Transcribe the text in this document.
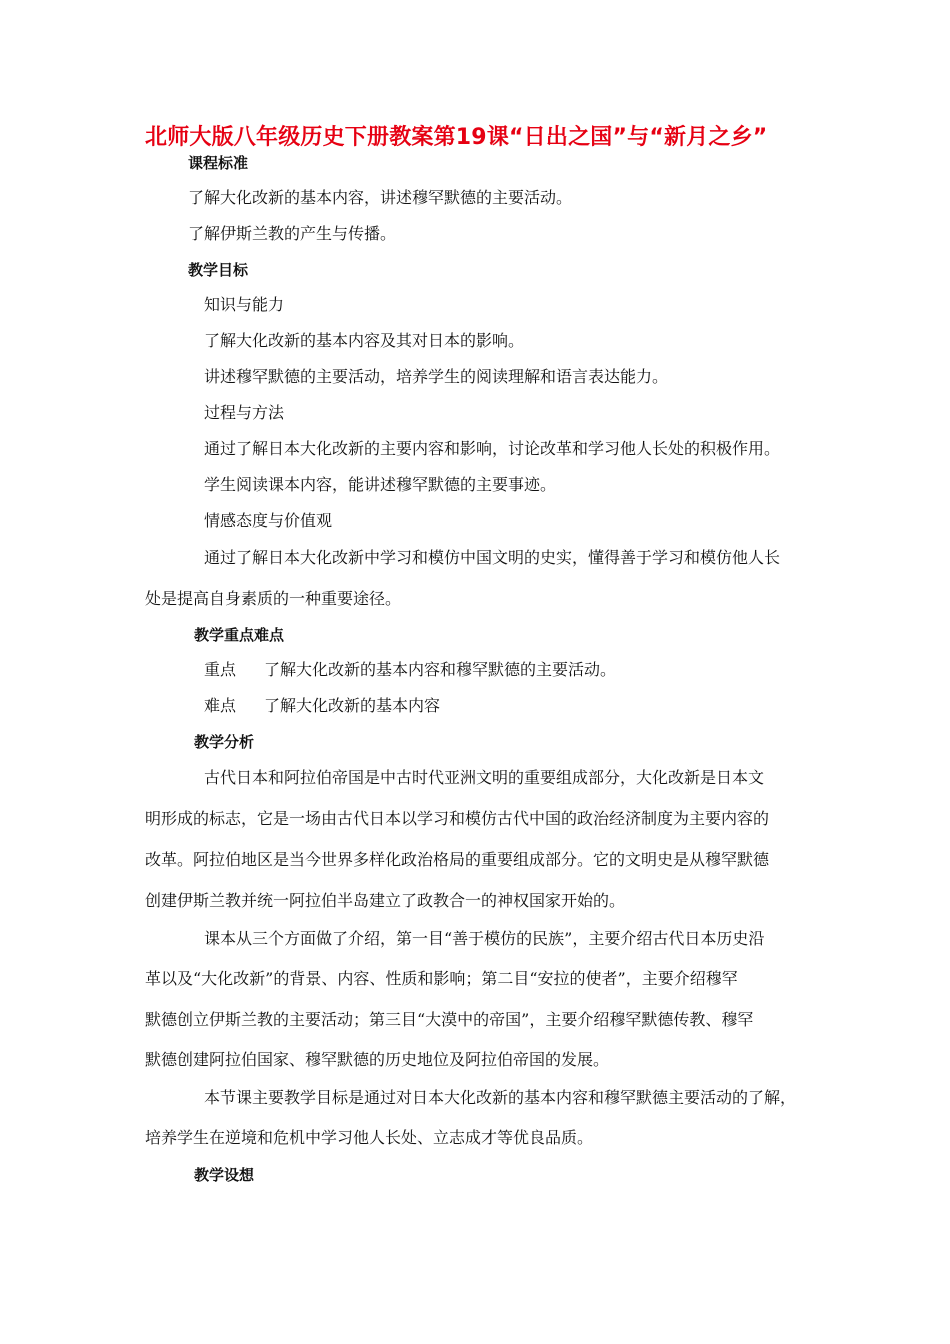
北师大版八年级历史下册教案第19课“日出之国”与“新月之乡”
课程标准
了解大化改新的基本内容，讲述穆罕默德的主要活动。
了解伊斯兰教的产生与传播。
教学目标
知识与能力
了解大化改新的基本内容及其对日本的影响。
讲述穆罕默德的主要活动，培养学生的阅读理解和语言表达能力。
过程与方法
通过了解日本大化改新的主要内容和影响，讨论改革和学习他人长处的积极作用。
学生阅读课本内容，能讲述穆罕默德的主要事迹。
情感态度与价值观
通过了解日本大化改新中学习和模仿中国文明的史实，懂得善于学习和模仿他人长
处是提高自身素质的一种重要途径。
教学重点难点
重点 了解大化改新的基本内容和穆罕默德的主要活动。
难点 了解大化改新的基本内容
教学分析
古代日本和阿拉伯帝国是中古时代亚洲文明的重要组成部分，大化改新是日本文
明形成的标志，它是一场由古代日本以学习和模仿古代中国的政治经济制度为主要内容的
改革。阿拉伯地区是当今世界多样化政治格局的重要组成部分。它的文明史是从穆罕默德
创建伊斯兰教并统一阿拉伯半岛建立了政教合一的神权国家开始的。
课本从三个方面做了介绍，第一目“善于模仿的民族”，主要介绍古代日本历史沿
革以及“大化改新”的背景、内容、性质和影响；第二目“安拉的使者”，主要介绍穆罕
默德创立伊斯兰教的主要活动；第三目“大漠中的帝国”，主要介绍穆罕默德传教、穆罕
默德创建阿拉伯国家、穆罕默德的历史地位及阿拉伯帝国的发展。
本节课主要教学目标是通过对日本大化改新的基本内容和穆罕默德主要活动的了解，
培养学生在逆境和危机中学习他人长处、立志成才等优良品质。
教学设想
